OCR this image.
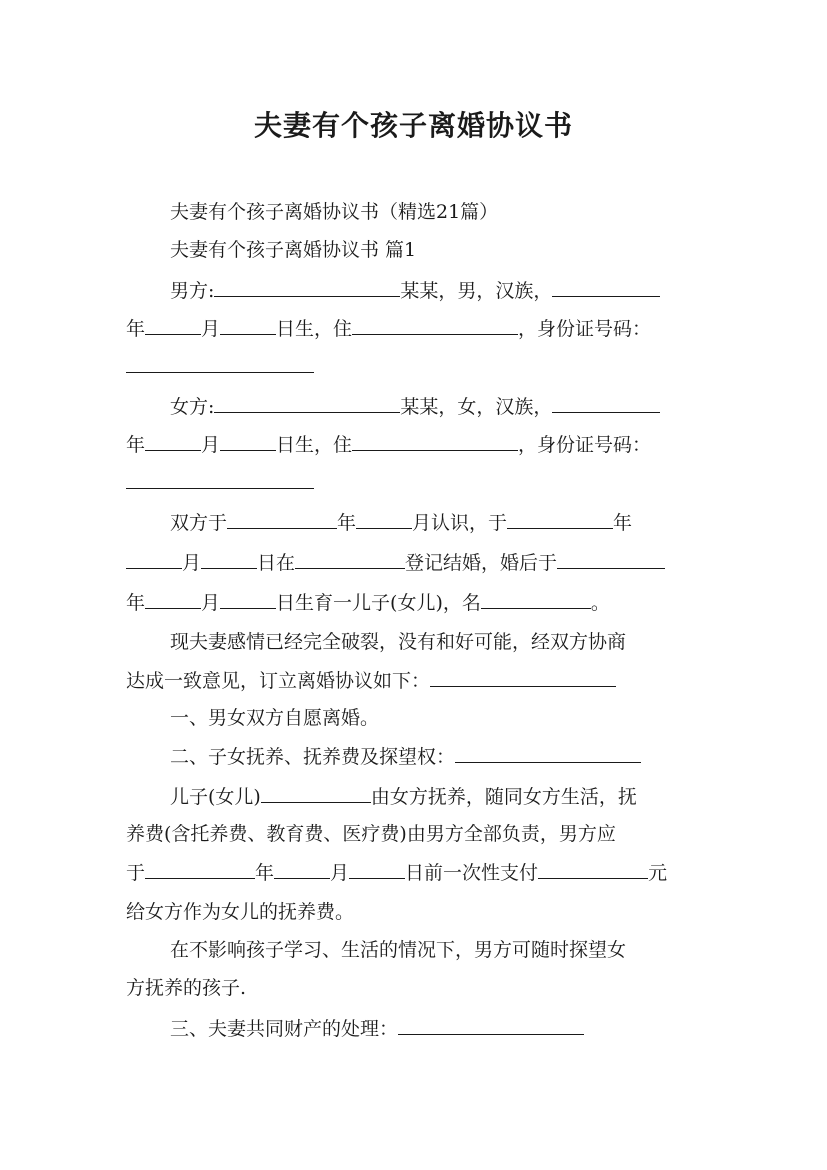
夫妻有个孩子离婚协议书
夫妻有个孩子离婚协议书（精选21篇）
夫妻有个孩子离婚协议书 篇1
男方:	某某，男，汉族，
年	月	日生，住	，身份证号码：
女方:	某某，女，汉族，
年	月	日生，住	，身份证号码：
双方于	年	月认识，于	年
月	日在	登记结婚，婚后于
年	月	日生育一儿子(女儿)，名	。
现夫妻感情已经完全破裂，没有和好可能，经双方协商
达成一致意见，订立离婚协议如下：
一、男女双方自愿离婚。
二、子女抚养、抚养费及探望权：
儿子(女儿)	由女方抚养，随同女方生活，抚
养费(含托养费、教育费、医疗费)由男方全部负责，男方应
于	年	月	日前一次性支付	元
给女方作为女儿的抚养费。
在不影响孩子学习、生活的情况下，男方可随时探望女
方抚养的孩子.
三、夫妻共同财产的处理：
